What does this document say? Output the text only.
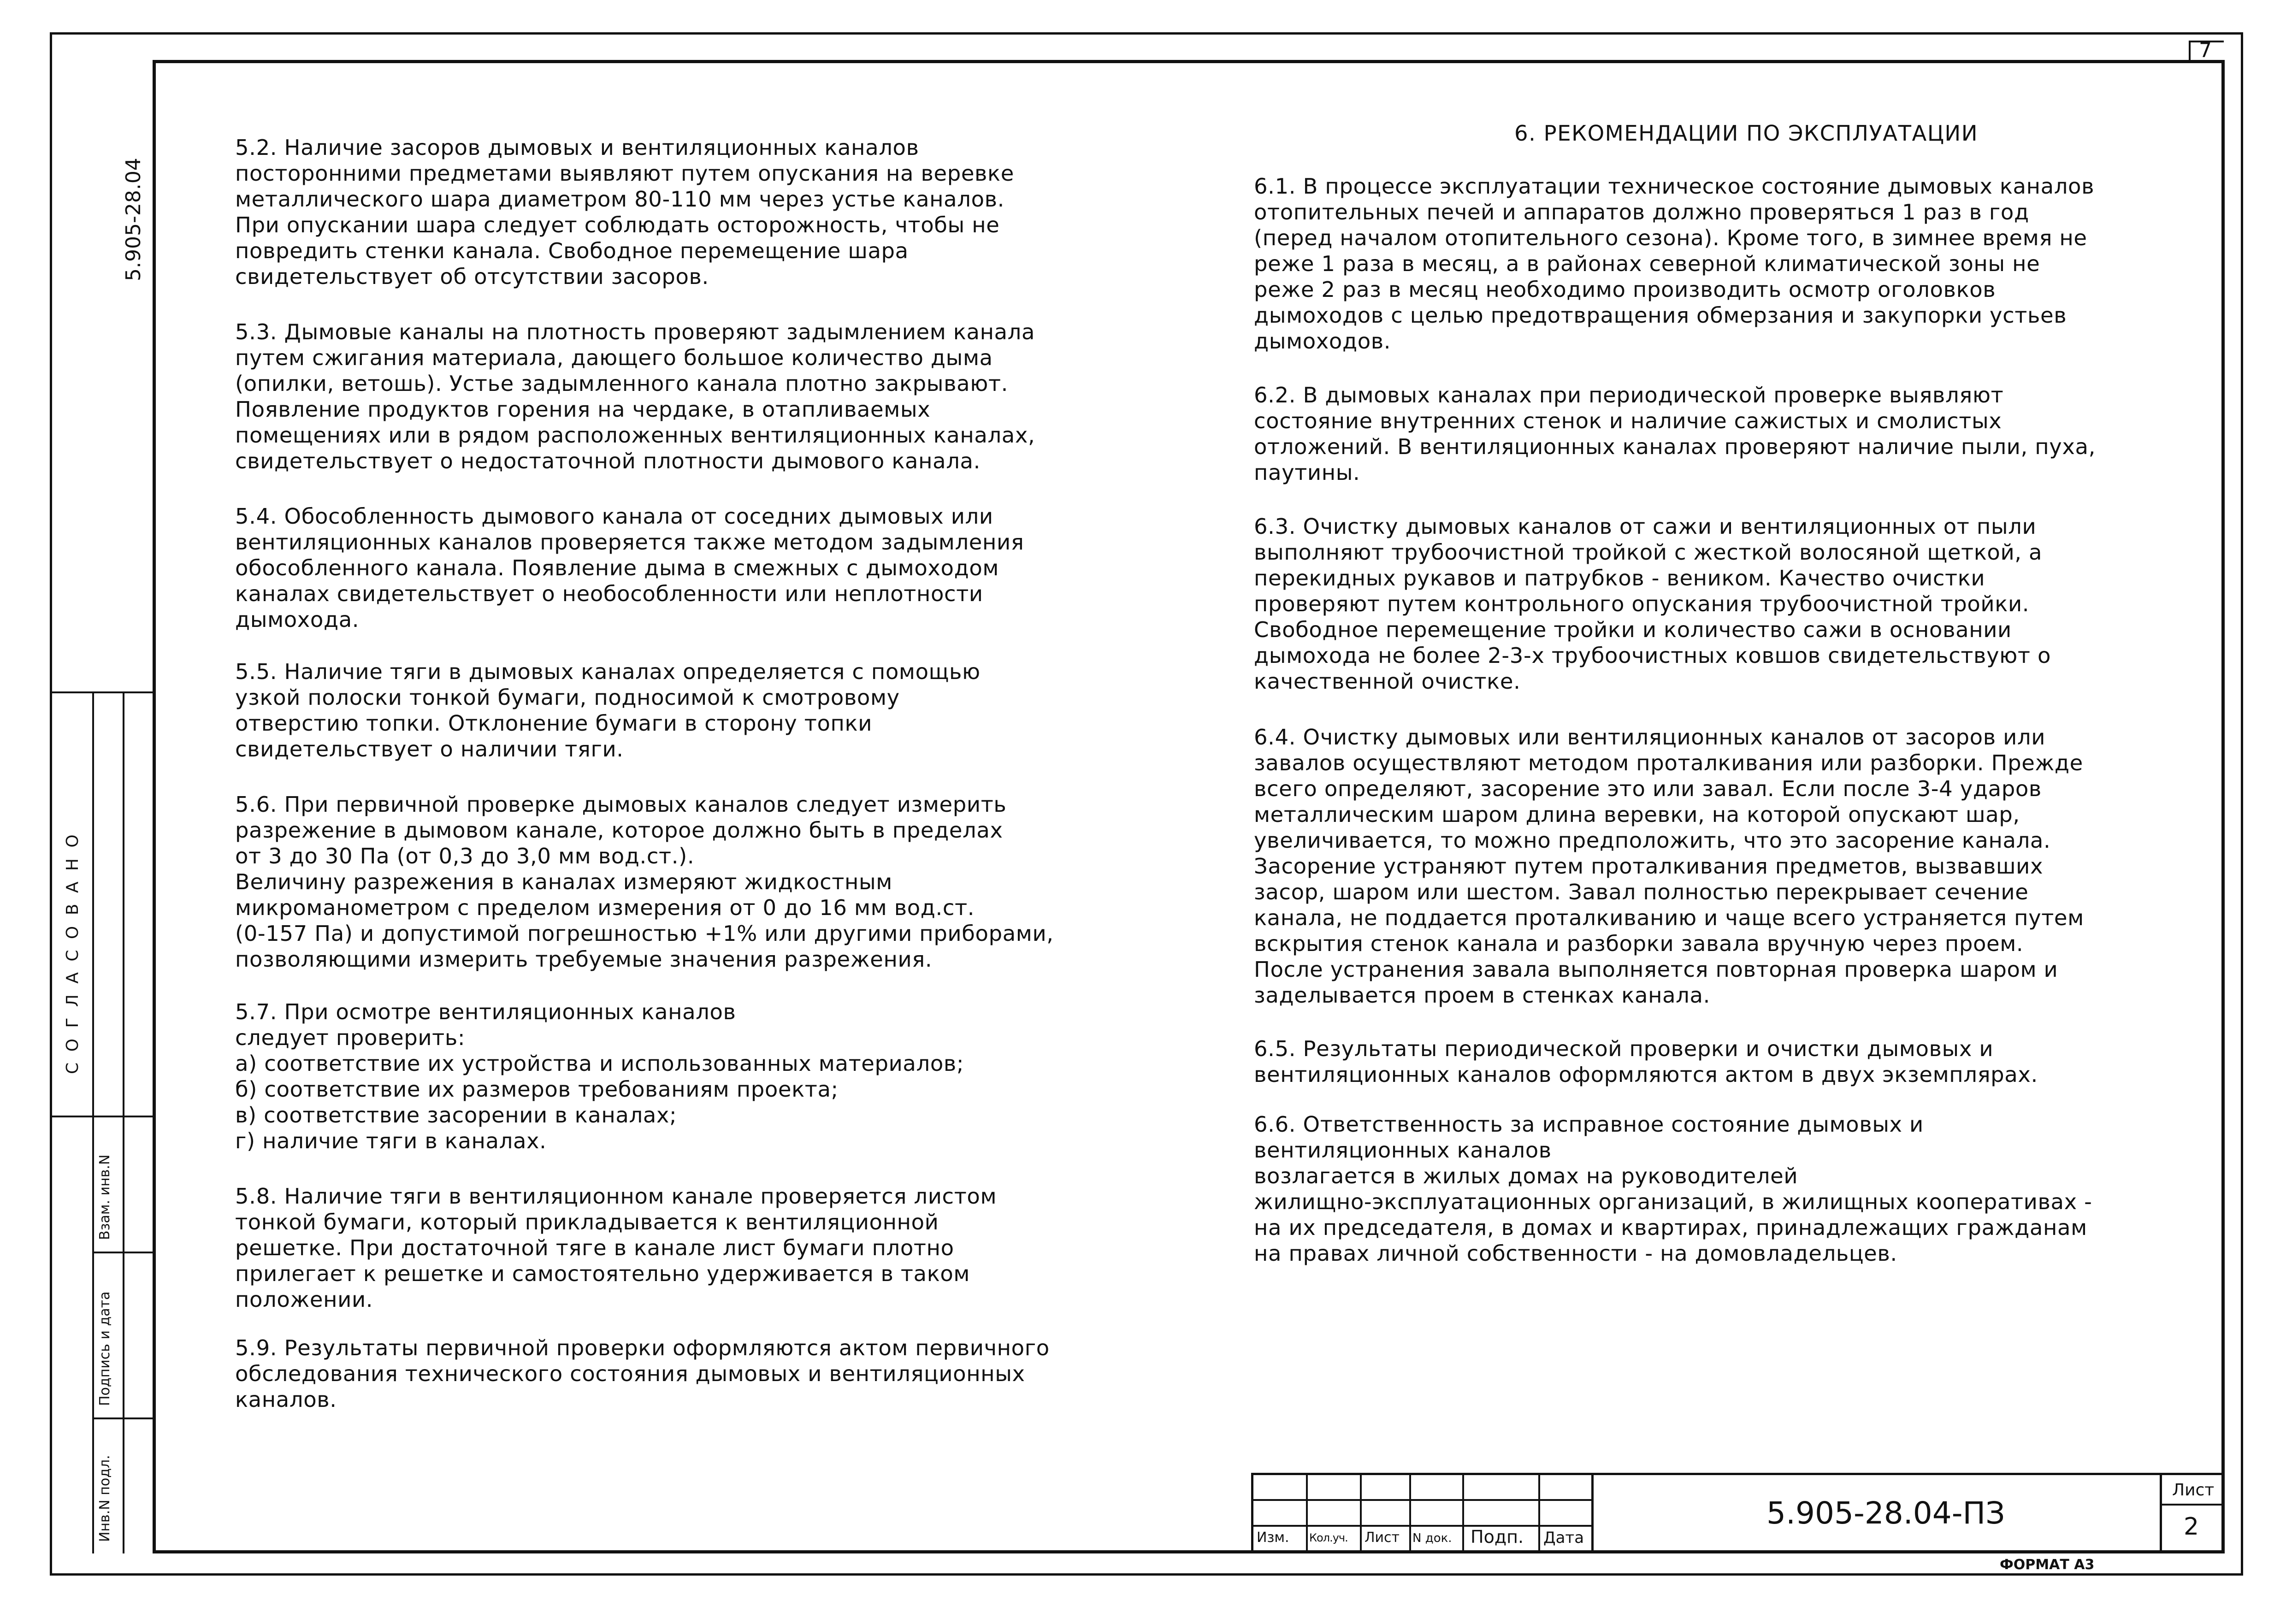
7
5.905-28.04
С О Г Л А С О В А Н О
Взам. инв.N
Подпись и дата
Инв.N подл.
5.2. Наличие засоров дымовых и вентиляционных каналов
посторонними предметами выявляют путем опускания на веревке
металлического шара диаметром 80-110 мм через устье каналов.
При опускании шара следует соблюдать осторожность, чтобы не
повредить стенки канала. Свободное перемещение шара
свидетельствует об отсутствии засоров.
5.3. Дымовые каналы на плотность проверяют задымлением канала
путем сжигания материала, дающего большое количество дыма
(опилки, ветошь). Устье задымленного канала плотно закрывают.
Появление продуктов горения на чердаке, в отапливаемых
помещениях или в рядом расположенных вентиляционных каналах,
свидетельствует о недостаточной плотности дымового канала.
5.4. Обособленность дымового канала от соседних дымовых или
вентиляционных каналов проверяется также методом задымления
обособленного канала. Появление дыма в смежных с дымоходом
каналах свидетельствует о необособленности или неплотности
дымохода.
5.5. Наличие тяги в дымовых каналах определяется с помощью
узкой полоски тонкой бумаги, подносимой к смотровому
отверстию топки. Отклонение бумаги в сторону топки
свидетельствует о наличии тяги.
5.6. При первичной проверке дымовых каналов следует измерить
разрежение в дымовом канале, которое должно быть в пределах
от 3 до 30 Па (от 0,3 до 3,0 мм вод.ст.).
Величину разрежения в каналах измеряют жидкостным
микроманометром с пределом измерения от 0 до 16 мм вод.ст.
(0-157 Па) и допустимой погрешностью +1% или другими приборами,
позволяющими измерить требуемые значения разрежения.
5.7. При осмотре вентиляционных каналов
следует проверить:
а) соответствие их устройства и использованных материалов;
б) соответствие их размеров требованиям проекта;
в) соответствие засорении в каналах;
г) наличие тяги в каналах.
5.8. Наличие тяги в вентиляционном канале проверяется листом
тонкой бумаги, который прикладывается к вентиляционной
решетке. При достаточной тяге в канале лист бумаги плотно
прилегает к решетке и самостоятельно удерживается в таком
положении.
5.9. Результаты первичной проверки оформляются актом первичного
обследования технического состояния дымовых и вентиляционных
каналов.
6. РЕКОМЕНДАЦИИ ПО ЭКСПЛУАТАЦИИ
6.1. В процессе эксплуатации техническое состояние дымовых каналов
отопительных печей и аппаратов должно проверяться 1 раз в год
(перед началом отопительного сезона). Кроме того, в зимнее время не
реже 1 раза в месяц, а в районах северной климатической зоны не
реже 2 раз в месяц необходимо производить осмотр оголовков
дымоходов с целью предотвращения обмерзания и закупорки устьев
дымоходов.
6.2. В дымовых каналах при периодической проверке выявляют
состояние внутренних стенок и наличие сажистых и смолистых
отложений. В вентиляционных каналах проверяют наличие пыли, пуха,
паутины.
6.3. Очистку дымовых каналов от сажи и вентиляционных от пыли
выполняют трубоочистной тройкой с жесткой волосяной щеткой, а
перекидных рукавов и патрубков - веником. Качество очистки
проверяют путем контрольного опускания трубоочистной тройки.
Свободное перемещение тройки и количество сажи в основании
дымохода не более 2-3-х трубоочистных ковшов свидетельствуют о
качественной очистке.
6.4. Очистку дымовых или вентиляционных каналов от засоров или
завалов осуществляют методом проталкивания или разборки. Прежде
всего определяют, засорение это или завал. Если после 3-4 ударов
металлическим шаром длина веревки, на которой опускают шар,
увеличивается, то можно предположить, что это засорение канала.
Засорение устраняют путем проталкивания предметов, вызвавших
засор, шаром или шестом. Завал полностью перекрывает сечение
канала, не поддается проталкиванию и чаще всего устраняется путем
вскрытия стенок канала и разборки завала вручную через проем.
После устранения завала выполняется повторная проверка шаром и
заделывается проем в стенках канала.
6.5. Результаты периодической проверки и очистки дымовых и
вентиляционных каналов оформляются актом в двух экземплярах.
6.6. Ответственность за исправное состояние дымовых и
вентиляционных каналов
возлагается в жилых домах на руководителей
жилищно-эксплуатационных организаций, в жилищных кооперативах -
на их председателя, в домах и квартирах, принадлежащих гражданам
на правах личной собственности - на домовладельцев.
Изм. Кол.уч. Лист N док. Подп. Дата
5.905-28.04-ПЗ
Лист
2
ФОРМАТ А3
